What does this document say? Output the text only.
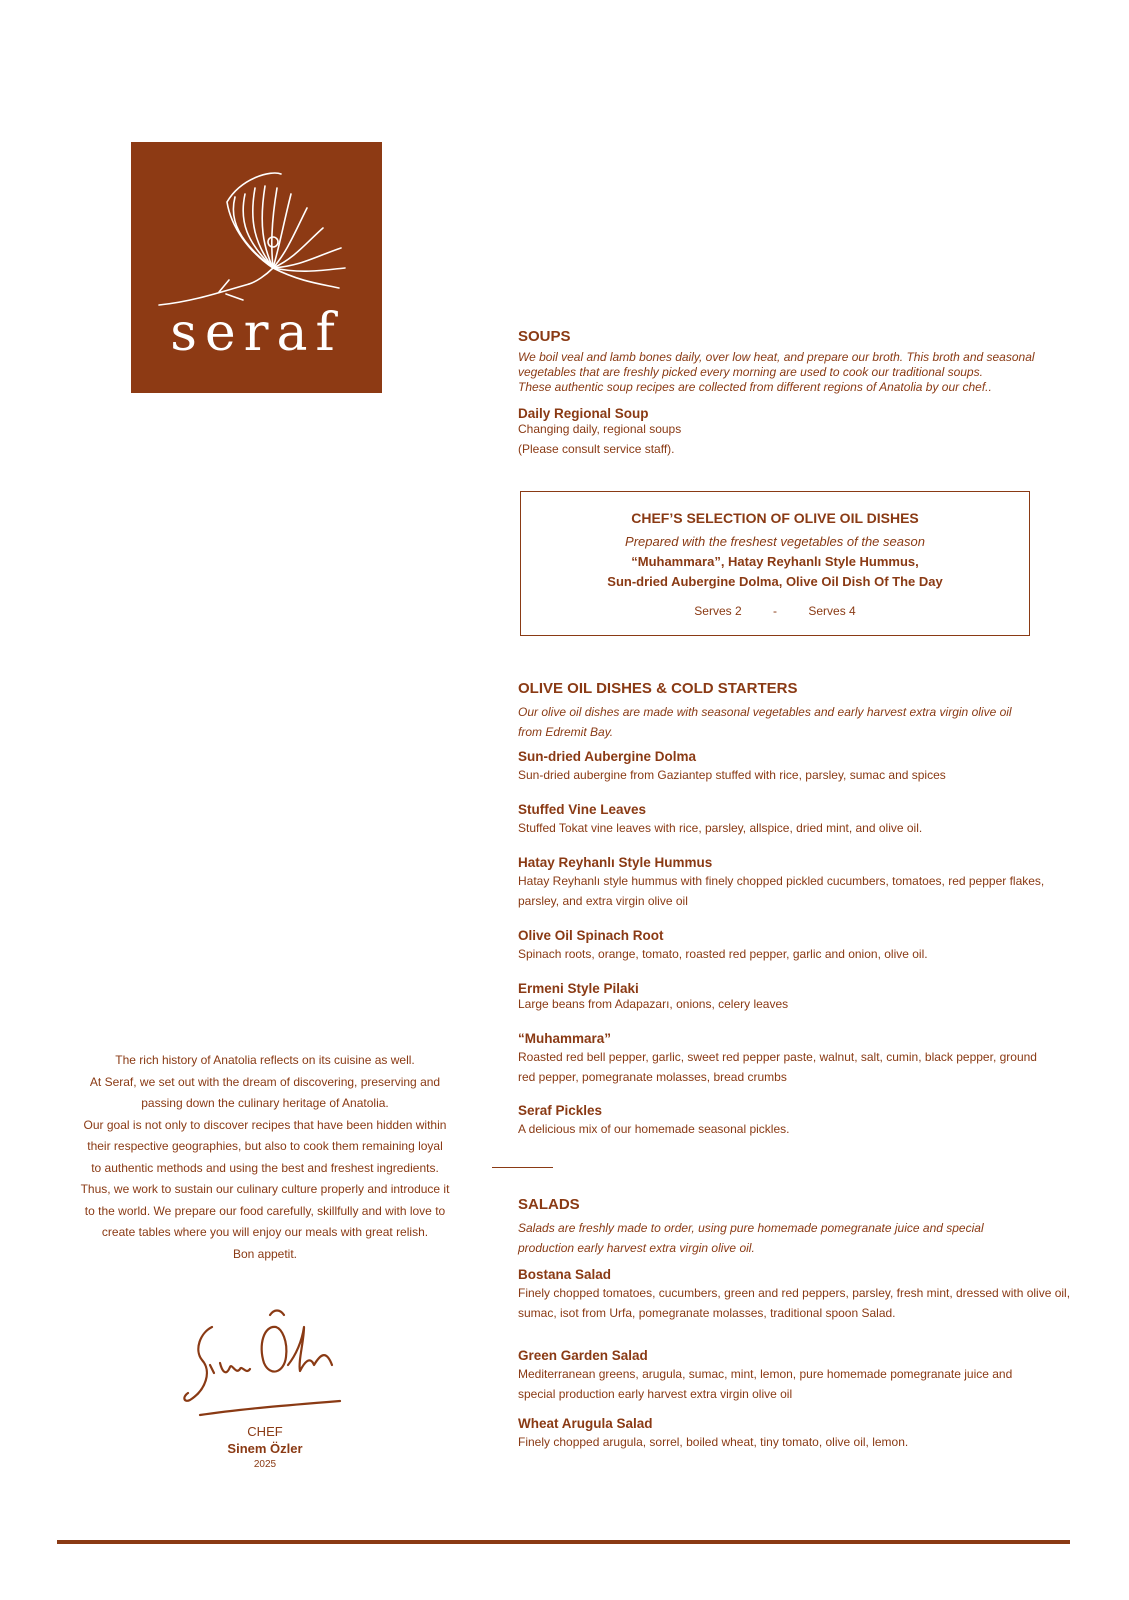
seraf	SOUPS

We boil veal and lamb bones daily, over low heat, and prepare our broth. This broth and seasonal
vegetables that are freshly picked every morning are used to cook our traditional soups.
These authentic soup recipes are collected from different regions of Anatolia by our chef..

Daily Regional Soup
Changing daily, regional soups
(Please consult service staff).
CHEF’S SELECTION OF OLIVE OIL DISHES
Prepared with the freshest vegetables of the season
“Muhammara”, Hatay Reyhanlı Style Hummus,
Sun-dried Aubergine Dolma, Olive Oil Dish Of The Day
Serves 2	-	Serves 4
OLIVE OIL DISHES & COLD STARTERS

Our olive oil dishes are made with seasonal vegetables and early harvest extra virgin olive oil
from Edremit Bay.

Sun-dried Aubergine Dolma
Sun-dried aubergine from Gaziantep stuffed with rice, parsley, sumac and spices
Stuffed Vine Leaves
Stuffed Tokat vine leaves with rice, parsley, allspice, dried mint, and olive oil.
Hatay Reyhanlı Style Hummus
Hatay Reyhanlı style hummus with finely chopped pickled cucumbers, tomatoes, red pepper flakes,
parsley, and extra virgin olive oil
Olive Oil Spinach Root
Spinach roots, orange, tomato, roasted red pepper, garlic and onion, olive oil.
Ermeni Style Pilaki
Large beans from Adapazarı, onions, celery leaves
“Muhammara”
Roasted red bell pepper, garlic, sweet red pepper paste, walnut, salt, cumin, black pepper, ground
red pepper, pomegranate molasses, bread crumbs
Seraf Pickles
A delicious mix of our homemade seasonal pickles.
SALADS

Salads are freshly made to order, using pure homemade pomegranate juice and special
production early harvest extra virgin olive oil.

Bostana Salad
Finely chopped tomatoes, cucumbers, green and red peppers, parsley, fresh mint, dressed with olive oil,
sumac, isot from Urfa, pomegranate molasses, traditional spoon Salad.
Green Garden Salad
Mediterranean greens, arugula, sumac, mint, lemon, pure homemade pomegranate juice and
special production early harvest extra virgin olive oil
Wheat Arugula Salad
Finely chopped arugula, sorrel, boiled wheat, tiny tomato, olive oil, lemon.
The rich history of Anatolia reflects on its cuisine as well.
At Seraf, we set out with the dream of discovering, preserving and
passing down the culinary heritage of Anatolia.
Our goal is not only to discover recipes that have been hidden within
their respective geographies, but also to cook them remaining loyal
to authentic methods and using the best and freshest ingredients.
Thus, we work to sustain our culinary culture properly and introduce it
to the world. We prepare our food carefully, skillfully and with love to
create tables where you will enjoy our meals with great relish.
Bon appetit.
CHEF
Sinem Özler
2025
